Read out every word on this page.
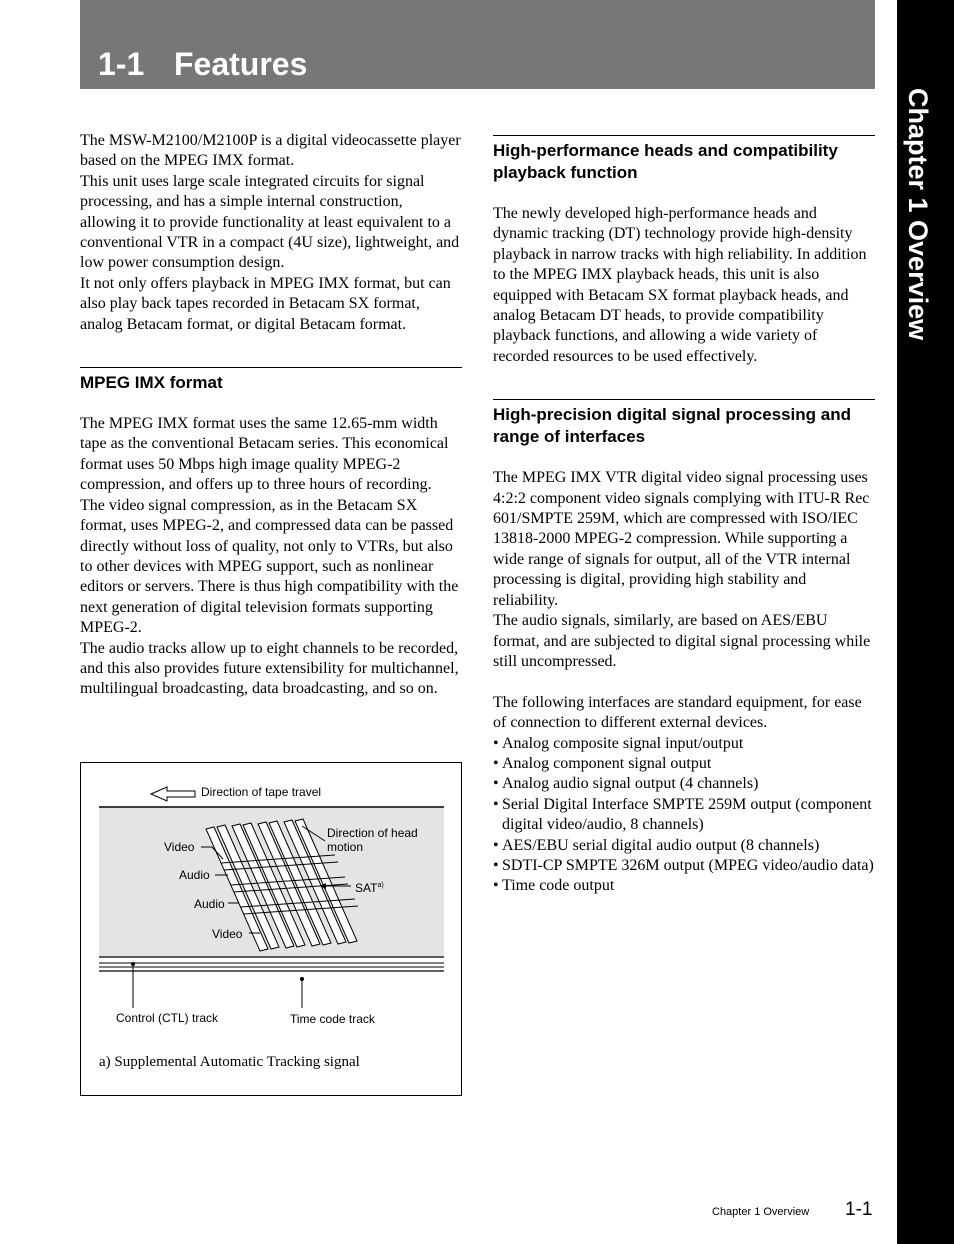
1-1 Features
Chapter 1 Overview

The MSW-M2100/M2100P is a digital videocassette player based on the MPEG IMX format.

This unit uses large scale integrated circuits for signal processing, and has a simple internal construction, allowing it to provide functionality at least equivalent to a conventional VTR in a compact (4U size), lightweight, and low power consumption design.

It not only offers playback in MPEG IMX format, but can also play back tapes recorded in Betacam SX format, analog Betacam format, or digital Betacam format.

MPEG IMX format

The MPEG IMX format uses the same 12.65-mm width tape as the conventional Betacam series. This economical format uses 50 Mbps high image quality MPEG-2 compression, and offers up to three hours of recording.

The video signal compression, as in the Betacam SX format, uses MPEG-2, and compressed data can be passed directly without loss of quality, not only to VTRs, but also to other devices with MPEG support, such as nonlinear editors or servers. There is thus high compatibility with the next generation of digital television formats supporting MPEG-2.

The audio tracks allow up to eight channels to be recorded, and this also provides future extensibility for multichannel, multilingual broadcasting, data broadcasting, and so on.

Direction of tape travel
Direction of head motion
Video
Audio
Audio
Video
SAT$^{a)}$
Control (CTL) track	Time code track
a) Supplemental Automatic Tracking signal
High-performance heads and compatibility playback function

The newly developed high-performance heads and dynamic tracking (DT) technology provide high-density playback in narrow tracks with high reliability. In addition to the MPEG IMX playback heads, this unit is also equipped with Betacam SX format playback heads, and analog Betacam DT heads, to provide compatibility playback functions, and allowing a wide variety of recorded resources to be used effectively.

High-precision digital signal processing and range of interfaces

The MPEG IMX VTR digital video signal processing uses 4:2:2 component video signals complying with ITU-R Rec 601/SMPTE 259M, which are compressed with ISO/IEC 13818-2000 MPEG-2 compression. While supporting a wide range of signals for output, all of the VTR internal processing is digital, providing high stability and reliability.

The audio signals, similarly, are based on AES/EBU format, and are subjected to digital signal processing while still uncompressed.

The following interfaces are standard equipment, for ease of connection to different external devices.

• Analog composite signal input/output
• Analog component signal output
• Analog audio signal output (4 channels)
• Serial Digital Interface SMPTE 259M output (component digital video/audio, 8 channels)
• AES/EBU serial digital audio output (8 channels)
• SDTI-CP SMPTE 326M output (MPEG video/audio data)
• Time code output
Chapter 1 Overview 1-1
